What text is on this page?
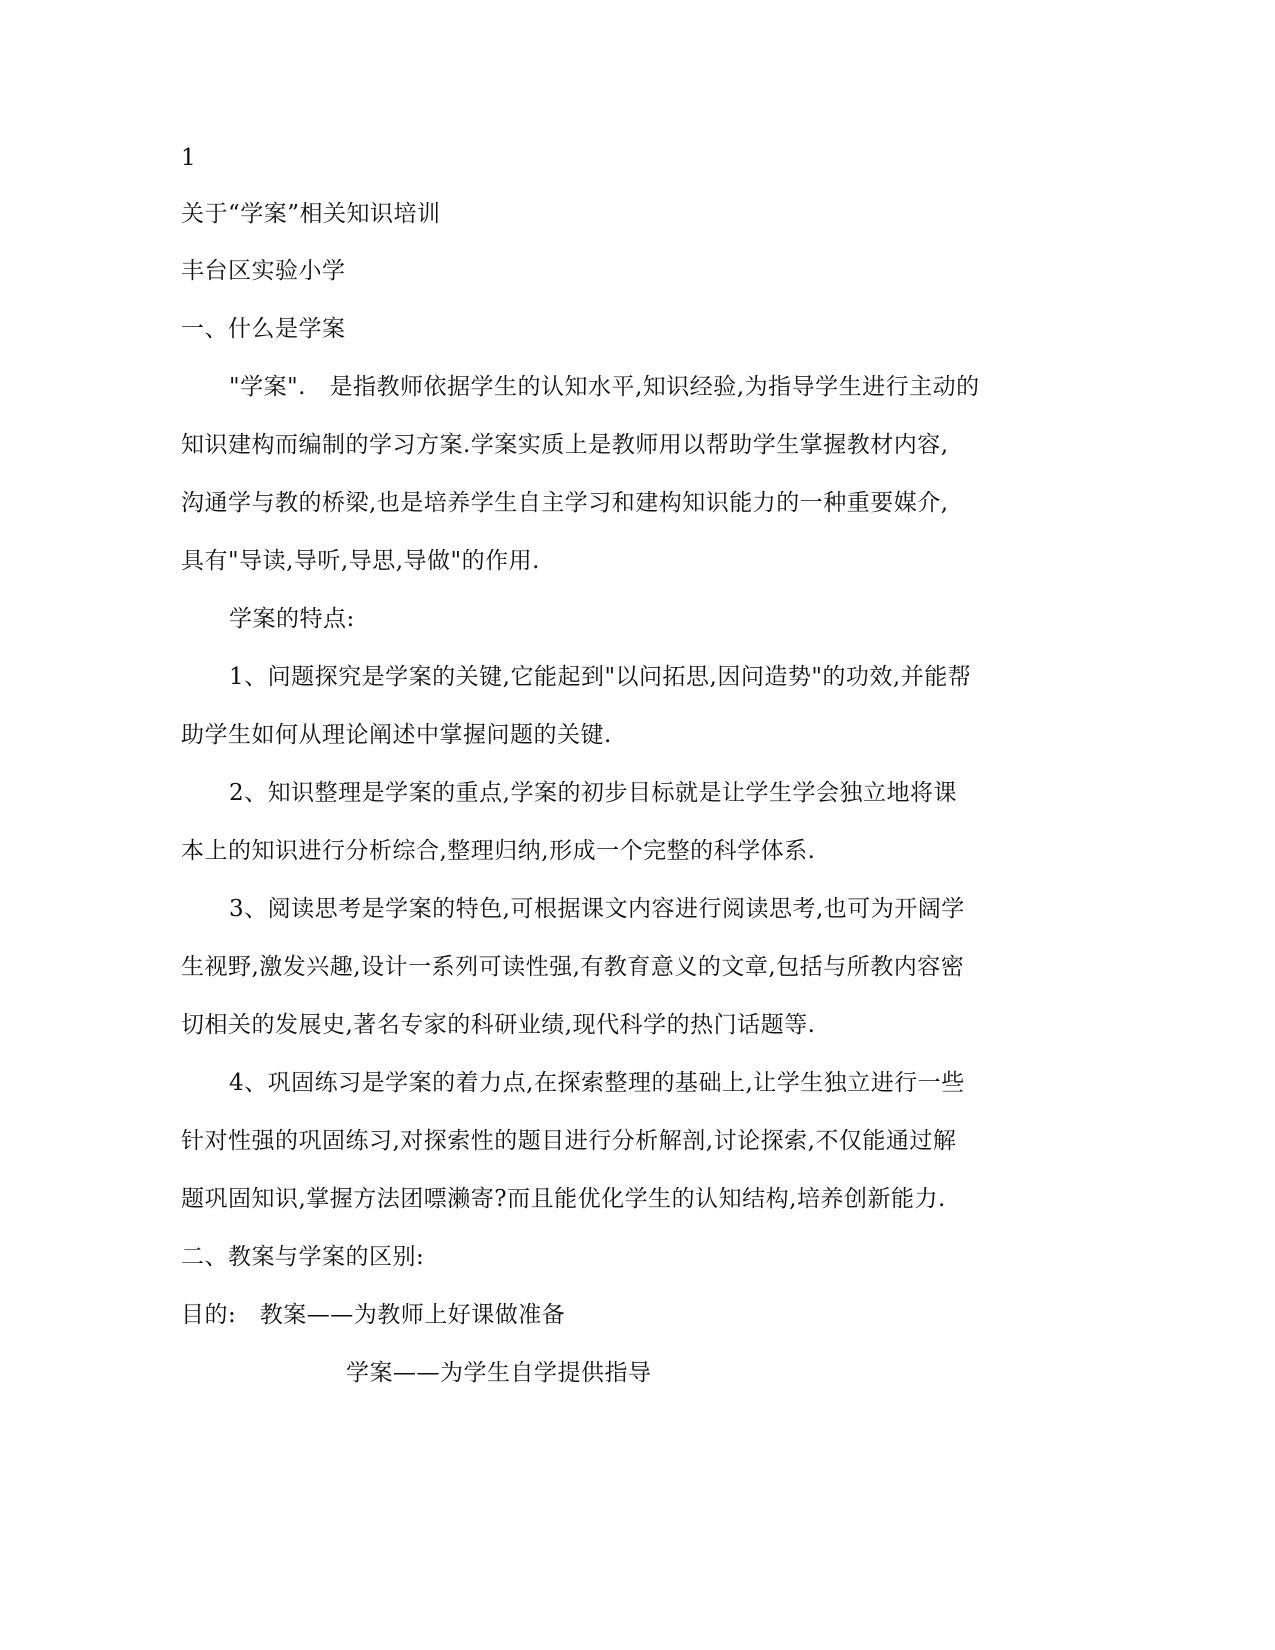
1
关于“学案”相关知识培训
丰台区实验小学
一、什么是学案
"学案".　是指教师依据学生的认知水平,知识经验,为指导学生进行主动的
知识建构而编制的学习方案.学案实质上是教师用以帮助学生掌握教材内容,
沟通学与教的桥梁,也是培养学生自主学习和建构知识能力的一种重要媒介,
具有"导读,导听,导思,导做"的作用.
学案的特点:
1、问题探究是学案的关键,它能起到"以问拓思,因问造势"的功效,并能帮
助学生如何从理论阐述中掌握问题的关键.
2、知识整理是学案的重点,学案的初步目标就是让学生学会独立地将课
本上的知识进行分析综合,整理归纳,形成一个完整的科学体系.
3、阅读思考是学案的特色,可根据课文内容进行阅读思考,也可为开阔学
生视野,激发兴趣,设计一系列可读性强,有教育意义的文章,包括与所教内容密
切相关的发展史,著名专家的科研业绩,现代科学的热门话题等.
4、巩固练习是学案的着力点,在探索整理的基础上,让学生独立进行一些
针对性强的巩固练习,对探索性的题目进行分析解剖,讨论探索,不仅能通过解
题巩固知识,掌握方法团嘌濑寄?而且能优化学生的认知结构,培养创新能力.
二、教案与学案的区别:
目的:　教案——为教师上好课做准备
学案——为学生自学提供指导
